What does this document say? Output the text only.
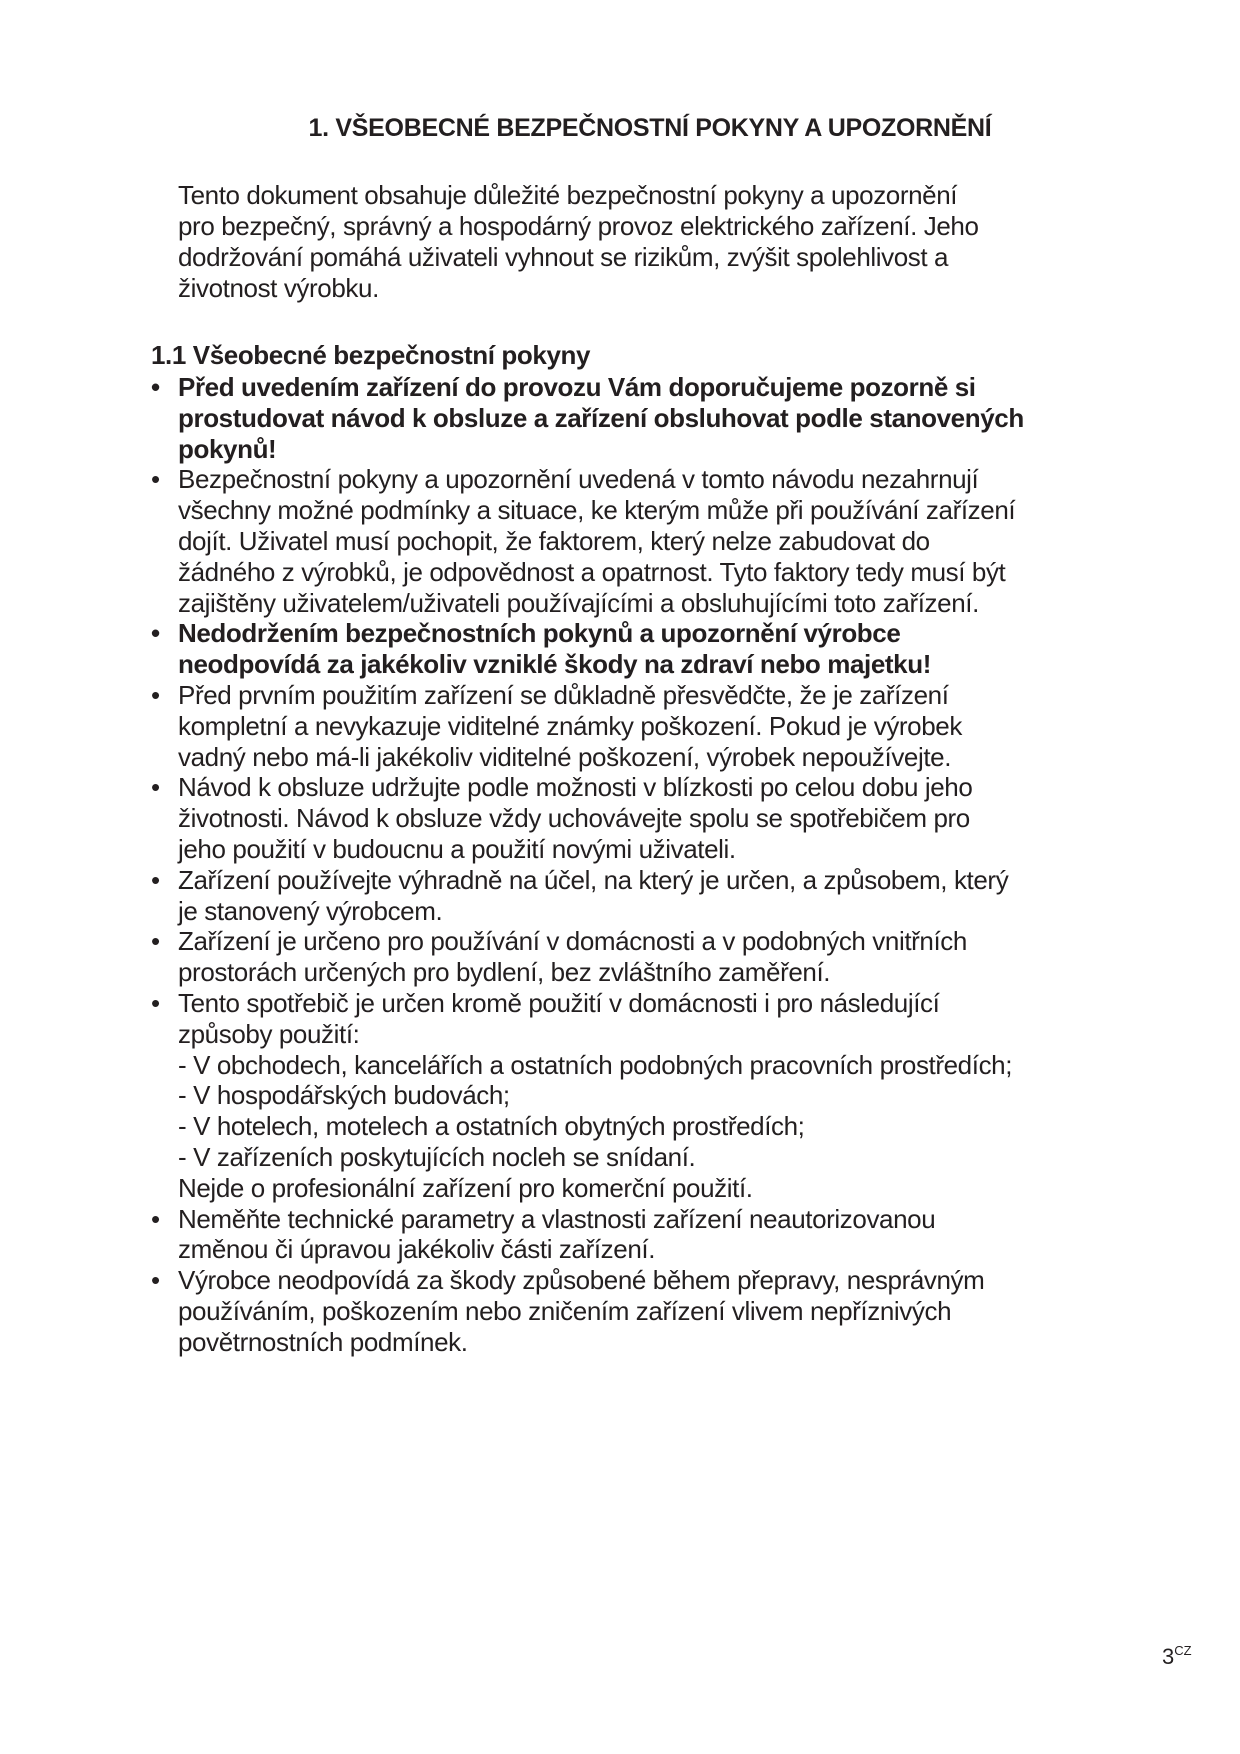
1. VŠEOBECNÉ BEZPEČNOSTNÍ POKYNY A UPOZORNĚNÍ
Tento dokument obsahuje důležité bezpečnostní pokyny a upozornění
pro bezpečný, správný a hospodárný provoz elektrického zařízení. Jeho
dodržování pomáhá uživateli vyhnout se rizikům, zvýšit spolehlivost a
životnost výrobku.
1.1 Všeobecné bezpečnostní pokyny
• Před uvedením zařízení do provozu Vám doporučujeme pozorně si
prostudovat návod k obsluze a zařízení obsluhovat podle stanovených
pokynů!
• Bezpečnostní pokyny a upozornění uvedená v tomto návodu nezahrnují
všechny možné podmínky a situace, ke kterým může při používání zařízení
dojít. Uživatel musí pochopit, že faktorem, který nelze zabudovat do
žádného z výrobků, je odpovědnost a opatrnost. Tyto faktory tedy musí být
zajištěny uživatelem/uživateli používajícími a obsluhujícími toto zařízení.
• Nedodržením bezpečnostních pokynů a upozornění výrobce
neodpovídá za jakékoliv vzniklé škody na zdraví nebo majetku!
• Před prvním použitím zařízení se důkladně přesvědčte, že je zařízení
kompletní a nevykazuje viditelné známky poškození. Pokud je výrobek
vadný nebo má-li jakékoliv viditelné poškození, výrobek nepoužívejte.
• Návod k obsluze udržujte podle možnosti v blízkosti po celou dobu jeho
životnosti. Návod k obsluze vždy uchovávejte spolu se spotřebičem pro
jeho použití v budoucnu a použití novými uživateli.
• Zařízení používejte výhradně na účel, na který je určen, a způsobem, který
je stanovený výrobcem.
• Zařízení je určeno pro používání v domácnosti a v podobných vnitřních
prostorách určených pro bydlení, bez zvláštního zaměření.
• Tento spotřebič je určen kromě použití v domácnosti i pro následující
způsoby použití:
- V obchodech, kancelářích a ostatních podobných pracovních prostředích;
- V hospodářských budovách;
- V hotelech, motelech a ostatních obytných prostředích;
- V zařízeních poskytujících nocleh se snídaní.
Nejde o profesionální zařízení pro komerční použití.
• Neměňte technické parametry a vlastnosti zařízení neautorizovanou
změnou či úpravou jakékoliv části zařízení.
• Výrobce neodpovídá za škody způsobené během přepravy, nesprávným
používáním, poškozením nebo zničením zařízení vlivem nepříznivých
povětrnostních podmínek.
$3^{CZ}$
